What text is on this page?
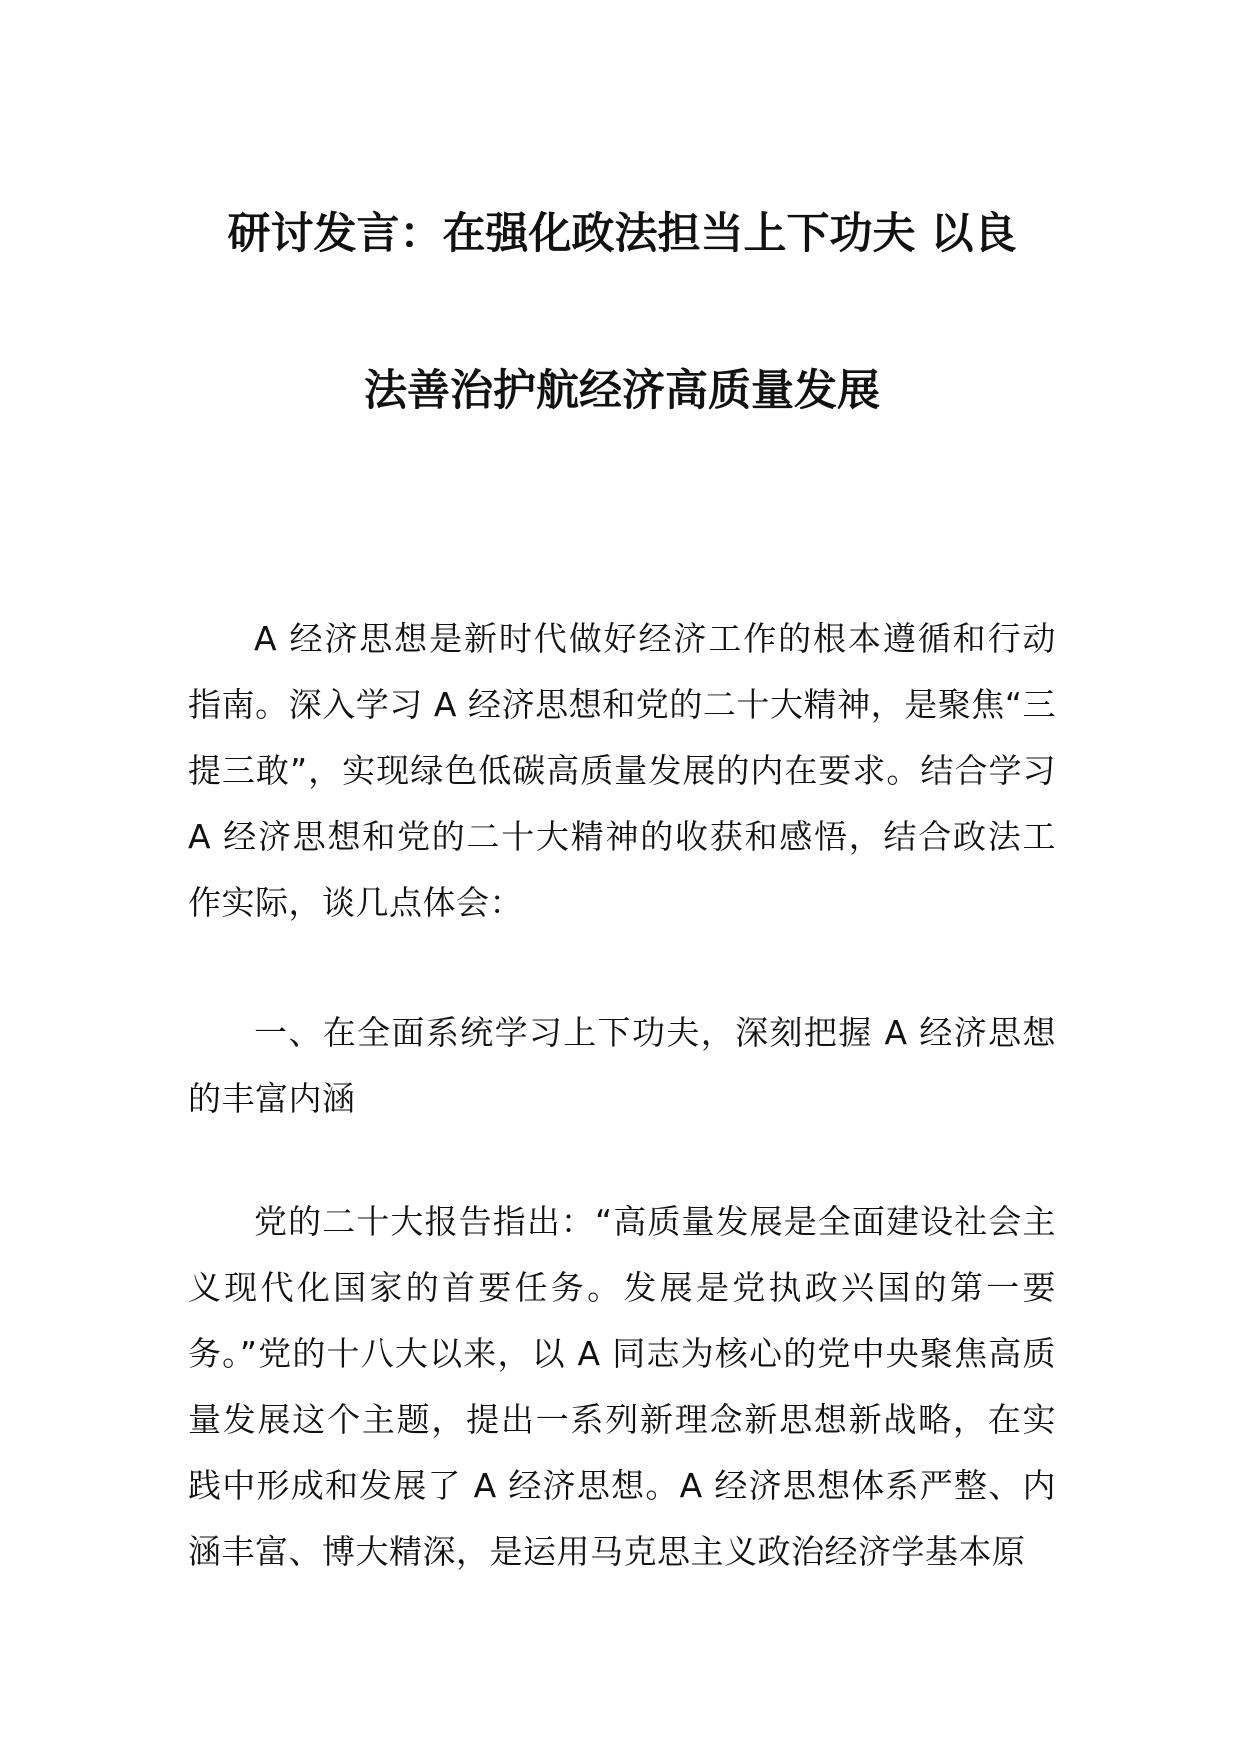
研讨发言：在强化政法担当上下功夫 以良
法善治护航经济高质量发展

A 经济思想是新时代做好经济工作的根本遵循和行动指南。深入学习 A 经济思想和党的二十大精神，是聚焦“三提三敢”，实现绿色低碳高质量发展的内在要求。结合学习 A 经济思想和党的二十大精神的收获和感悟，结合政法工作实际，谈几点体会：

一、在全面系统学习上下功夫，深刻把握 A 经济思想的丰富内涵

党的二十大报告指出：“高质量发展是全面建设社会主义现代化国家的首要任务。发展是党执政兴国的第一要务。”党的十八大以来，以 A 同志为核心的党中央聚焦高质量发展这个主题，提出一系列新理念新思想新战略，在实践中形成和发展了 A 经济思想。A 经济思想体系严整、内涵丰富、博大精深，是运用马克思主义政治经济学基本原
